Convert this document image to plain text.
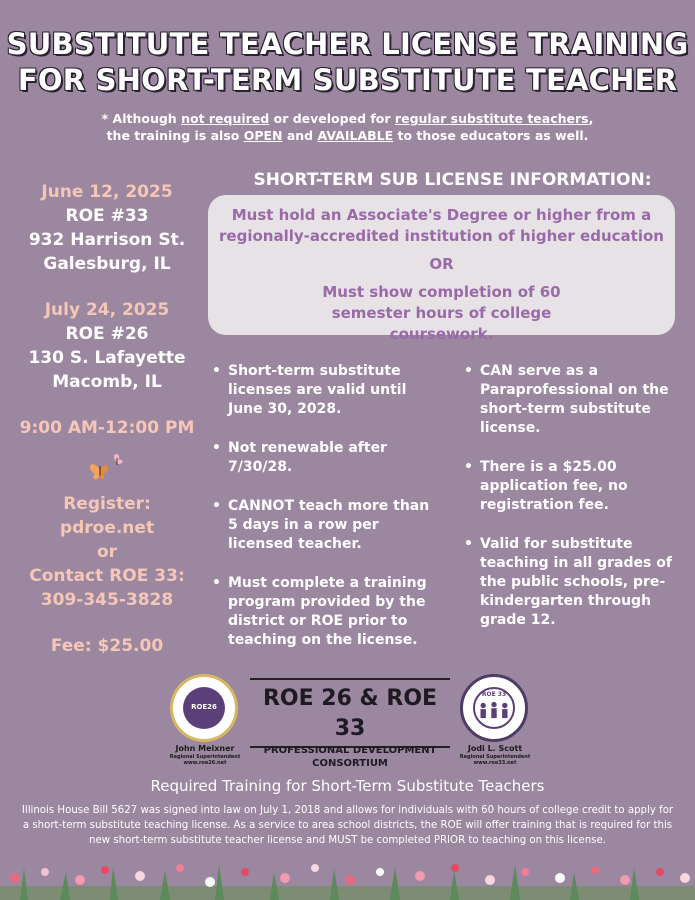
SUBSTITUTE TEACHER LICENSE TRAINING
FOR SHORT-TERM SUBSTITUTE TEACHER
* Although not required or developed for regular substitute teachers,
the training is also OPEN and AVAILABLE to those educators as well.
June 12, 2025
ROE #33
932 Harrison St.
Galesburg, IL
July 24, 2025
ROE #26
130 S. Lafayette
Macomb, IL
9:00 AM-12:00 PM
Register:
pdroe.net
or
Contact ROE 33:
309-345-3828
Fee: $25.00
SHORT-TERM SUB LICENSE INFORMATION:
Must hold an Associate's Degree or higher from a regionally-accredited institution of higher education
OR
Must show completion of 60 semester hours of college coursework.
• Short-term substitute licenses are valid until June 30, 2028.
• Not renewable after 7/30/28.
• CANNOT teach more than 5 days in a row per licensed teacher.
• Must complete a training program provided by the district or ROE prior to teaching on the license.
• CAN serve as a Paraprofessional on the short-term substitute license.
• There is a $25.00 application fee, no registration fee.
• Valid for substitute teaching in all grades of the public schools, pre-kindergarten through grade 12.
ROE26
John Meixner
Regional Superintendent
www.roe26.net
ROE 26 & ROE 33
PROFESSIONAL DEVELOPMENT CONSORTIUM
ROE 33
Jodi L. Scott
Regional Superintendent
www.roe33.net
Required Training for Short-Term Substitute Teachers
Illinois House Bill 5627 was signed into law on July 1, 2018 and allows for individuals with 60 hours of college credit to apply for a short-term substitute teaching license. As a service to area school districts, the ROE will offer training that is required for this new short-term substitute teacher license and MUST be completed PRIOR to teaching on this license.
